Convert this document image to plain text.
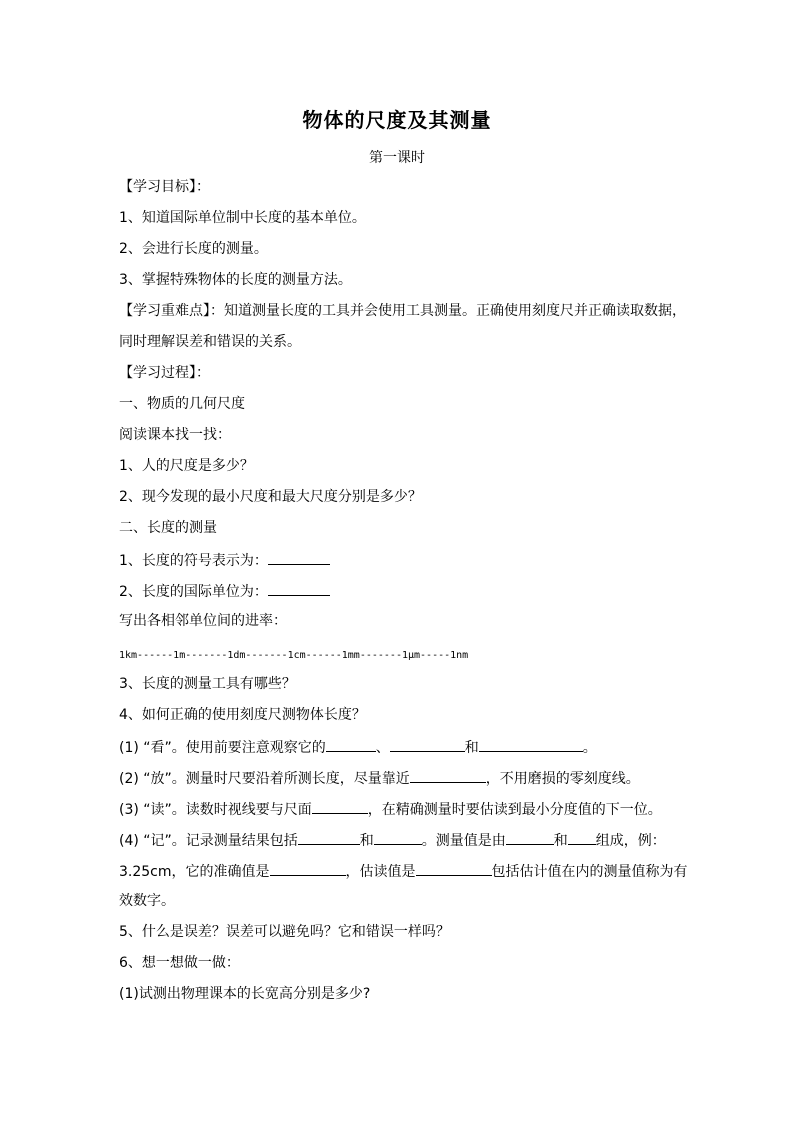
物体的尺度及其测量
第一课时
【学习目标】：
1、知道国际单位制中长度的基本单位。
2、会进行长度的测量。
3、掌握特殊物体的长度的测量方法。
【学习重难点】：知道测量长度的工具并会使用工具测量。正确使用刻度尺并正确读取数据，
同时理解误差和错误的关系。
【学习过程】：
一、物质的几何尺度
阅读课本找一找：
1、人的尺度是多少？
2、现今发现的最小尺度和最大尺度分别是多少？
二、长度的测量
1、长度的符号表示为：
2、长度的国际单位为：
写出各相邻单位间的进率：
1km------1m-------1dm-------1cm------1mm-------1μm-----1nm
3、长度的测量工具有哪些？
4、如何正确的使用刻度尺测物体长度？
(1) “看”。使用前要注意观察它的	、	和	。
(2) “放”。测量时尺要沿着所测长度，尽量靠近	，不用磨损的零刻度线。
(3) “读”。读数时视线要与尺面	，在精确测量时要估读到最小分度值的下一位。
(4) “记”。记录测量结果包括	和	。测量值是由	和 组成，例：
3.25cm，它的准确值是	，估读值是	包括估计值在内的测量值称为有
效数字。
5、什么是误差？误差可以避免吗？它和错误一样吗？
6、想一想做一做：
(1)试测出物理课本的长宽高分别是多少?
